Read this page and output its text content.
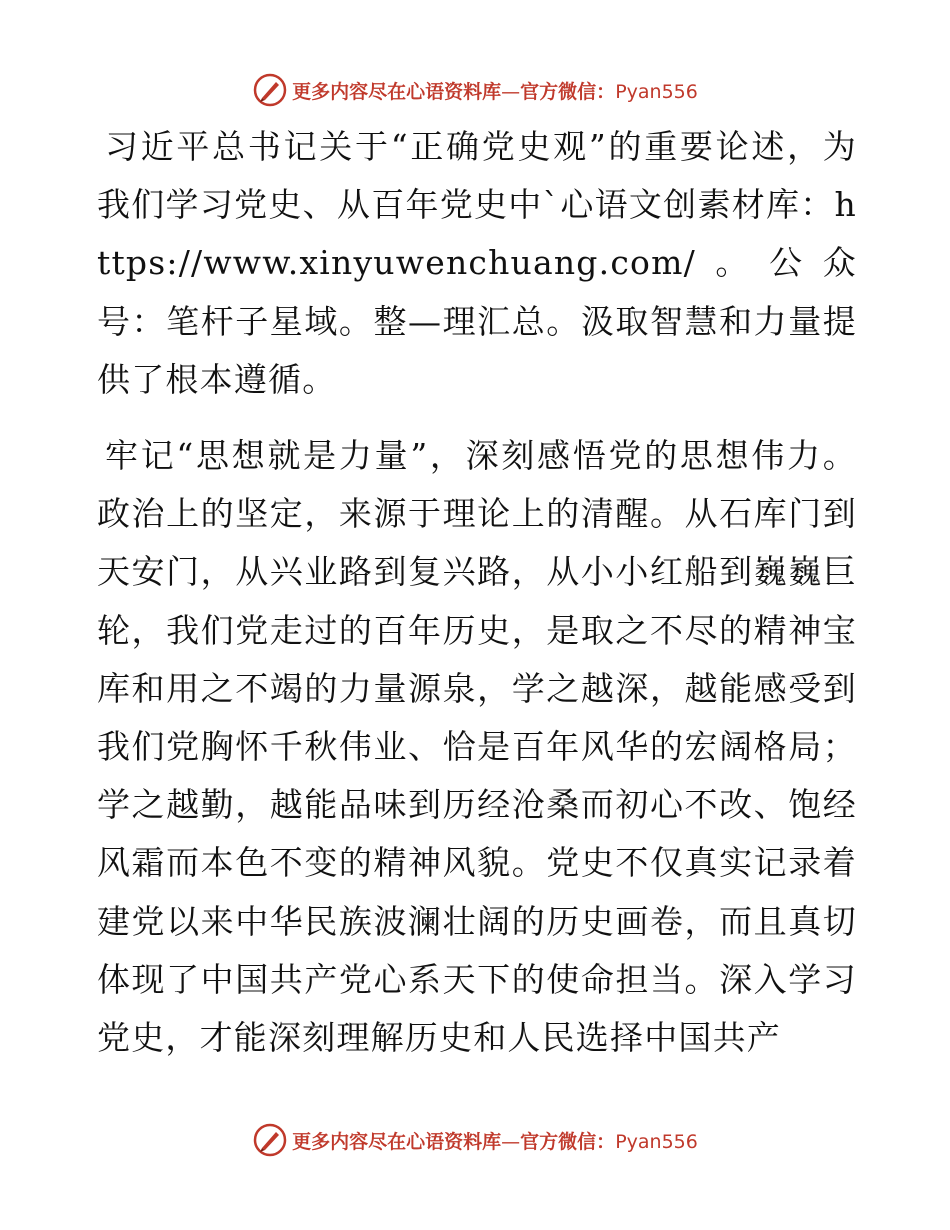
更多内容尽在心语资料库—官方微信：Pyan556

习近平总书记关于“正确党史观”的重要论述，为我们学习党史、从百年党史中`心语文创素材库：https://www.xinyuwenchuang.com/。公众号：笔杆子星域。整—理汇总。汲取智慧和力量提供了根本遵循。

牢记“思想就是力量”，深刻感悟党的思想伟力。政治上的坚定，来源于理论上的清醒。从石库门到天安门，从兴业路到复兴路，从小小红船到巍巍巨轮，我们党走过的百年历史，是取之不尽的精神宝库和用之不竭的力量源泉，学之越深，越能感受到我们党胸怀千秋伟业、恰是百年风华的宏阔格局；学之越勤，越能品味到历经沧桑而初心不改、饱经风霜而本色不变的精神风貌。党史不仅真实记录着建党以来中华民族波澜壮阔的历史画卷，而且真切体现了中国共产党心系天下的使命担当。深入学习党史，才能深刻理解历史和人民选择中国共产

更多内容尽在心语资料库—官方微信：Pyan556
